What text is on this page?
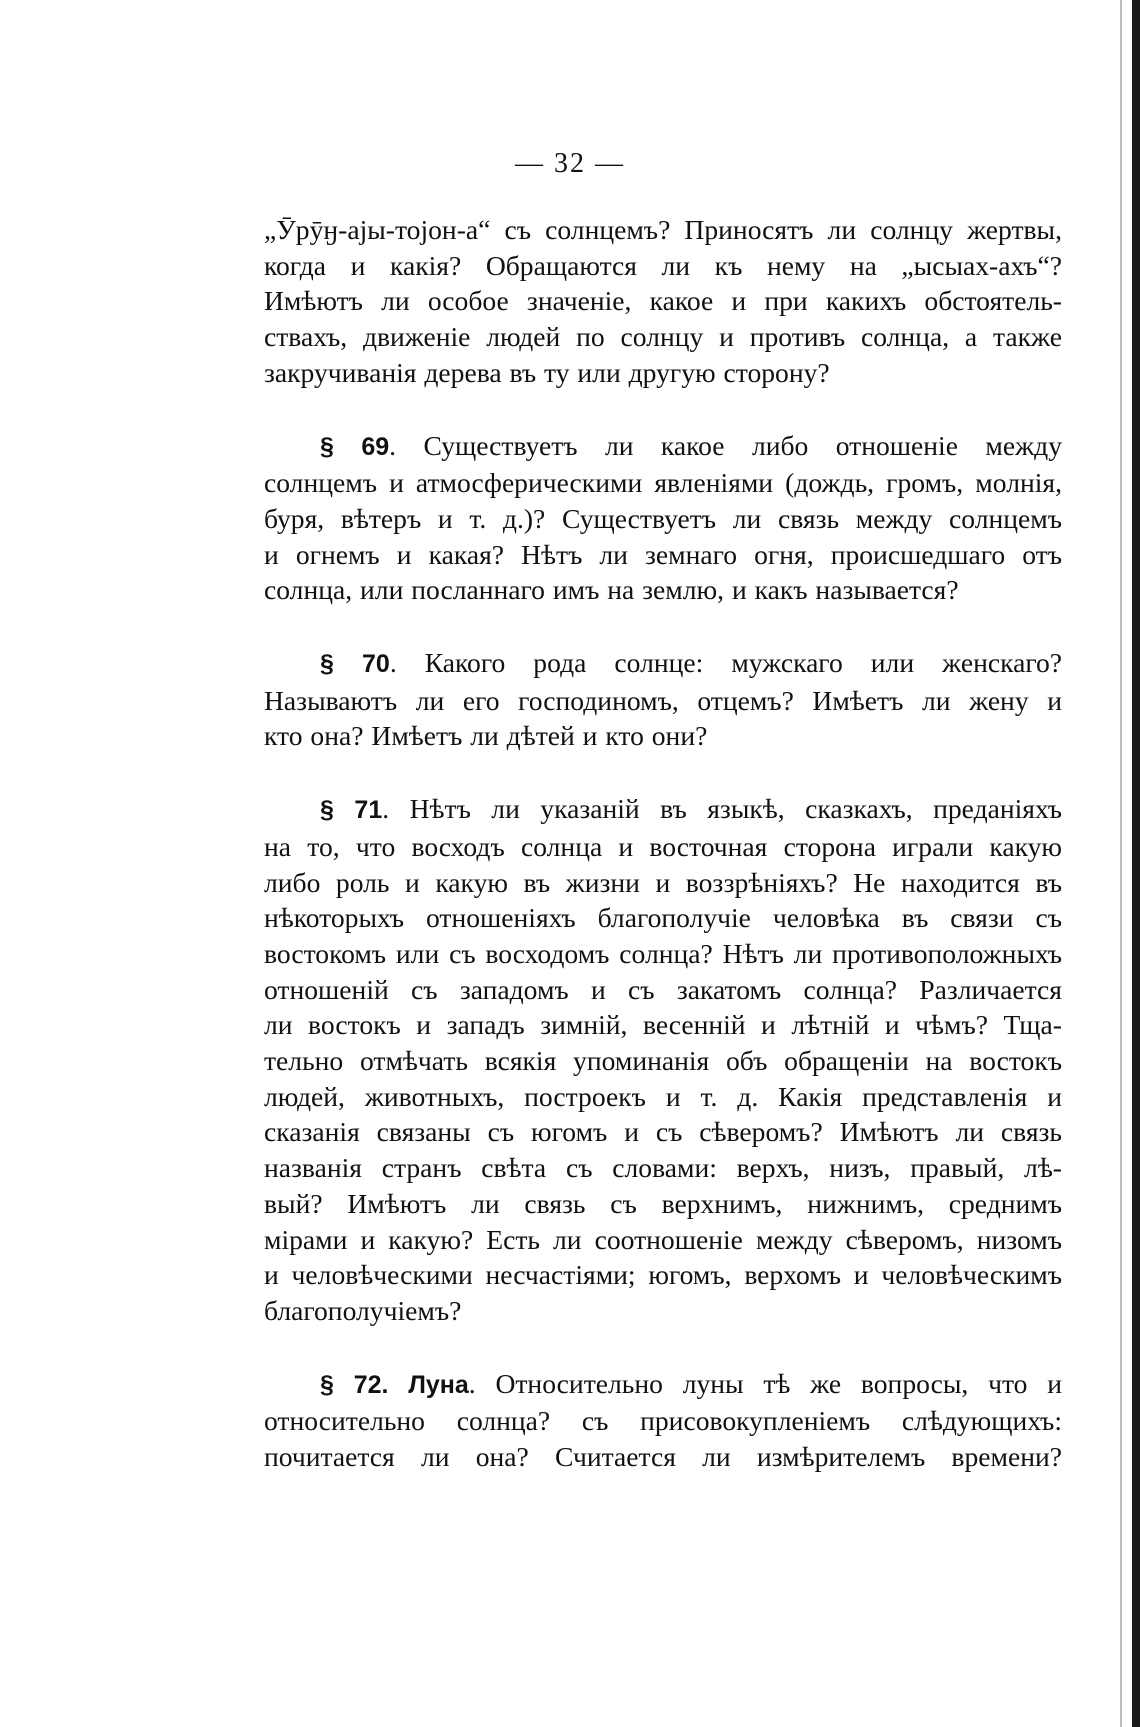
— 32 —
„Ӯрӯӈ-ајы-тојон-а“ съ солнцемъ? Приносятъ ли солнцу жертвы,
когда и какія? Обращаются ли къ нему на „ысыах-ахъ“?
Имѣютъ ли особое значеніе, какое и при какихъ обстоятель-
ствахъ, движеніе людей по солнцу и противъ солнца, а также
закручиванія дерева въ ту или другую сторону?
§ 69. Существуетъ ли какое либо отношеніе между
солнцемъ и атмосферическими явленіями (дождь, громъ, молнія,
буря, вѣтеръ и т. д.)? Существуетъ ли связь между солнцемъ
и огнемъ и какая? Нѣтъ ли земнаго огня, происшедшаго отъ
солнца, или посланнаго имъ на землю, и какъ называется?
§ 70. Какого рода солнце: мужскаго или женскаго?
Называютъ ли его господиномъ, отцемъ? Имѣетъ ли жену и
кто она? Имѣетъ ли дѣтей и кто они?
§ 71. Нѣтъ ли указаній въ языкѣ, сказкахъ, преданіяхъ
на то, что восходъ солнца и восточная сторона играли какую
либо роль и какую въ жизни и воззрѣніяхъ? Не находится въ
нѣкоторыхъ отношеніяхъ благополучіе человѣка въ связи съ
востокомъ или съ восходомъ солнца? Нѣтъ ли противоположныхъ
отношеній съ западомъ и съ закатомъ солнца? Различается
ли востокъ и западъ зимній, весенній и лѣтній и чѣмъ? Тща-
тельно отмѣчать всякія упоминанія объ обращеніи на востокъ
людей, животныхъ, построекъ и т. д. Какія представленія и
сказанія связаны съ югомъ и съ сѣверомъ? Имѣютъ ли связь
названія странъ свѣта съ словами: верхъ, низъ, правый, лѣ-
вый? Имѣютъ ли связь съ верхнимъ, нижнимъ, среднимъ
мірами и какую? Есть ли соотношеніе между сѣверомъ, низомъ
и человѣческими несчастіями; югомъ, верхомъ и человѣческимъ
благополучіемъ?
§ 72. Луна. Относительно луны тѣ же вопросы, что и
относительно солнца? съ присовокупленіемъ слѣдующихъ:
почитается ли она? Считается ли измѣрителемъ времени?
